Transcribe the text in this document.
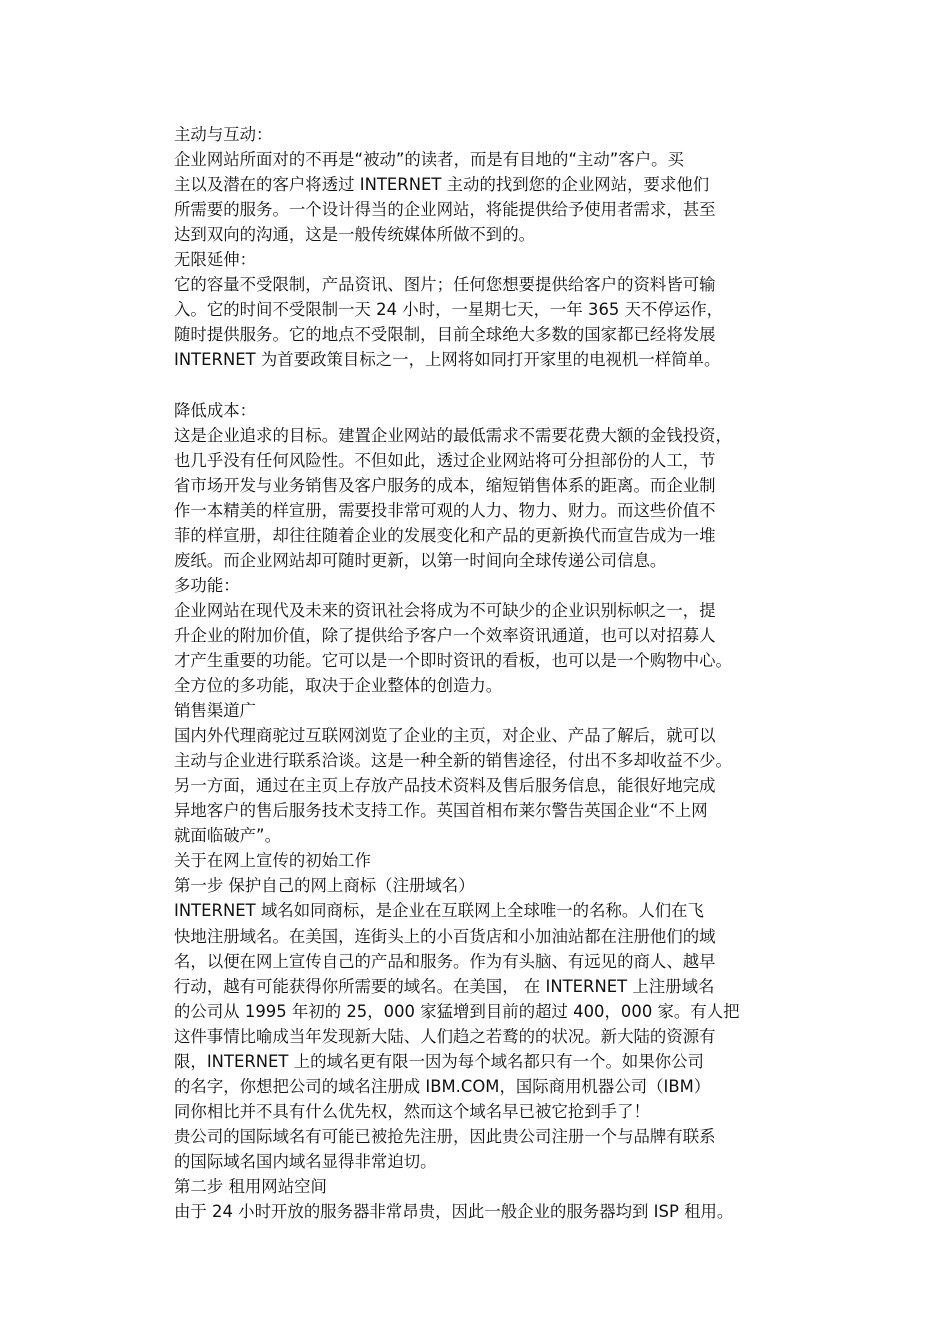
主动与互动：
企业网站所面对的不再是“被动”的读者，而是有目地的“主动”客户。买
主以及潜在的客户将透过 INTERNET 主动的找到您的企业网站，要求他们
所需要的服务。一个设计得当的企业网站，将能提供给予使用者需求，甚至
达到双向的沟通，这是一般传统媒体所做不到的。
无限延伸：
它的容量不受限制，产品资讯、图片；任何您想要提供给客户的资料皆可输
入。它的时间不受限制一天 24 小时，一星期七天，一年 365 天不停运作，
随时提供服务。它的地点不受限制，目前全球绝大多数的国家都已经将发展
INTERNET 为首要政策目标之一，上网将如同打开家里的电视机一样简单。
降低成本：
这是企业追求的目标。建置企业网站的最低需求不需要花费大额的金钱投资，
也几乎没有任何风险性。不但如此，透过企业网站将可分担部份的人工，节
省市场开发与业务销售及客户服务的成本，缩短销售体系的距离。而企业制
作一本精美的样宣册，需要投非常可观的人力、物力、财力。而这些价值不
菲的样宣册，却往往随着企业的发展变化和产品的更新换代而宣告成为一堆
废纸。而企业网站却可随时更新，以第一时间向全球传递公司信息。
多功能：
企业网站在现代及未来的资讯社会将成为不可缺少的企业识别标帜之一，提
升企业的附加价值，除了提供给予客户一个效率资讯通道，也可以对招募人
才产生重要的功能。它可以是一个即时资讯的看板，也可以是一个购物中心。
全方位的多功能，取决于企业整体的创造力。
销售渠道广
国内外代理商驼过互联网浏览了企业的主页，对企业、产品了解后，就可以
主动与企业进行联系洽谈。这是一种全新的销售途径，付出不多却收益不少。
另一方面，通过在主页上存放产品技术资料及售后服务信息，能很好地完成
异地客户的售后服务技术支持工作。英国首相布莱尔警告英国企业“不上网
就面临破产”。
关于在网上宣传的初始工作
第一步 保护自己的网上商标（注册域名）
INTERNET 域名如同商标，是企业在互联网上全球唯一的名称。人们在飞
快地注册域名。在美国，连街头上的小百货店和小加油站都在注册他们的域
名，以便在网上宣传自己的产品和服务。作为有头脑、有远见的商人、越早
行动，越有可能获得你所需要的域名。在美国， 在 INTERNET 上注册域名
的公司从 1995 年初的 25，000 家猛增到目前的超过 400，000 家。有人把
这件事情比喻成当年发现新大陆、人们趋之若鹜的的状况。新大陆的资源有
限，INTERNET 上的域名更有限一因为每个域名都只有一个。如果你公司
的名字，你想把公司的域名注册成 IBM.COM，国际商用机器公司（IBM）
同你相比并不具有什么优先权，然而这个域名早已被它抢到手了！
贵公司的国际域名有可能已被抢先注册，因此贵公司注册一个与品牌有联系
的国际域名国内域名显得非常迫切。
第二步 租用网站空间
由于 24 小时开放的服务器非常昂贵，因此一般企业的服务器均到 ISP 租用。
